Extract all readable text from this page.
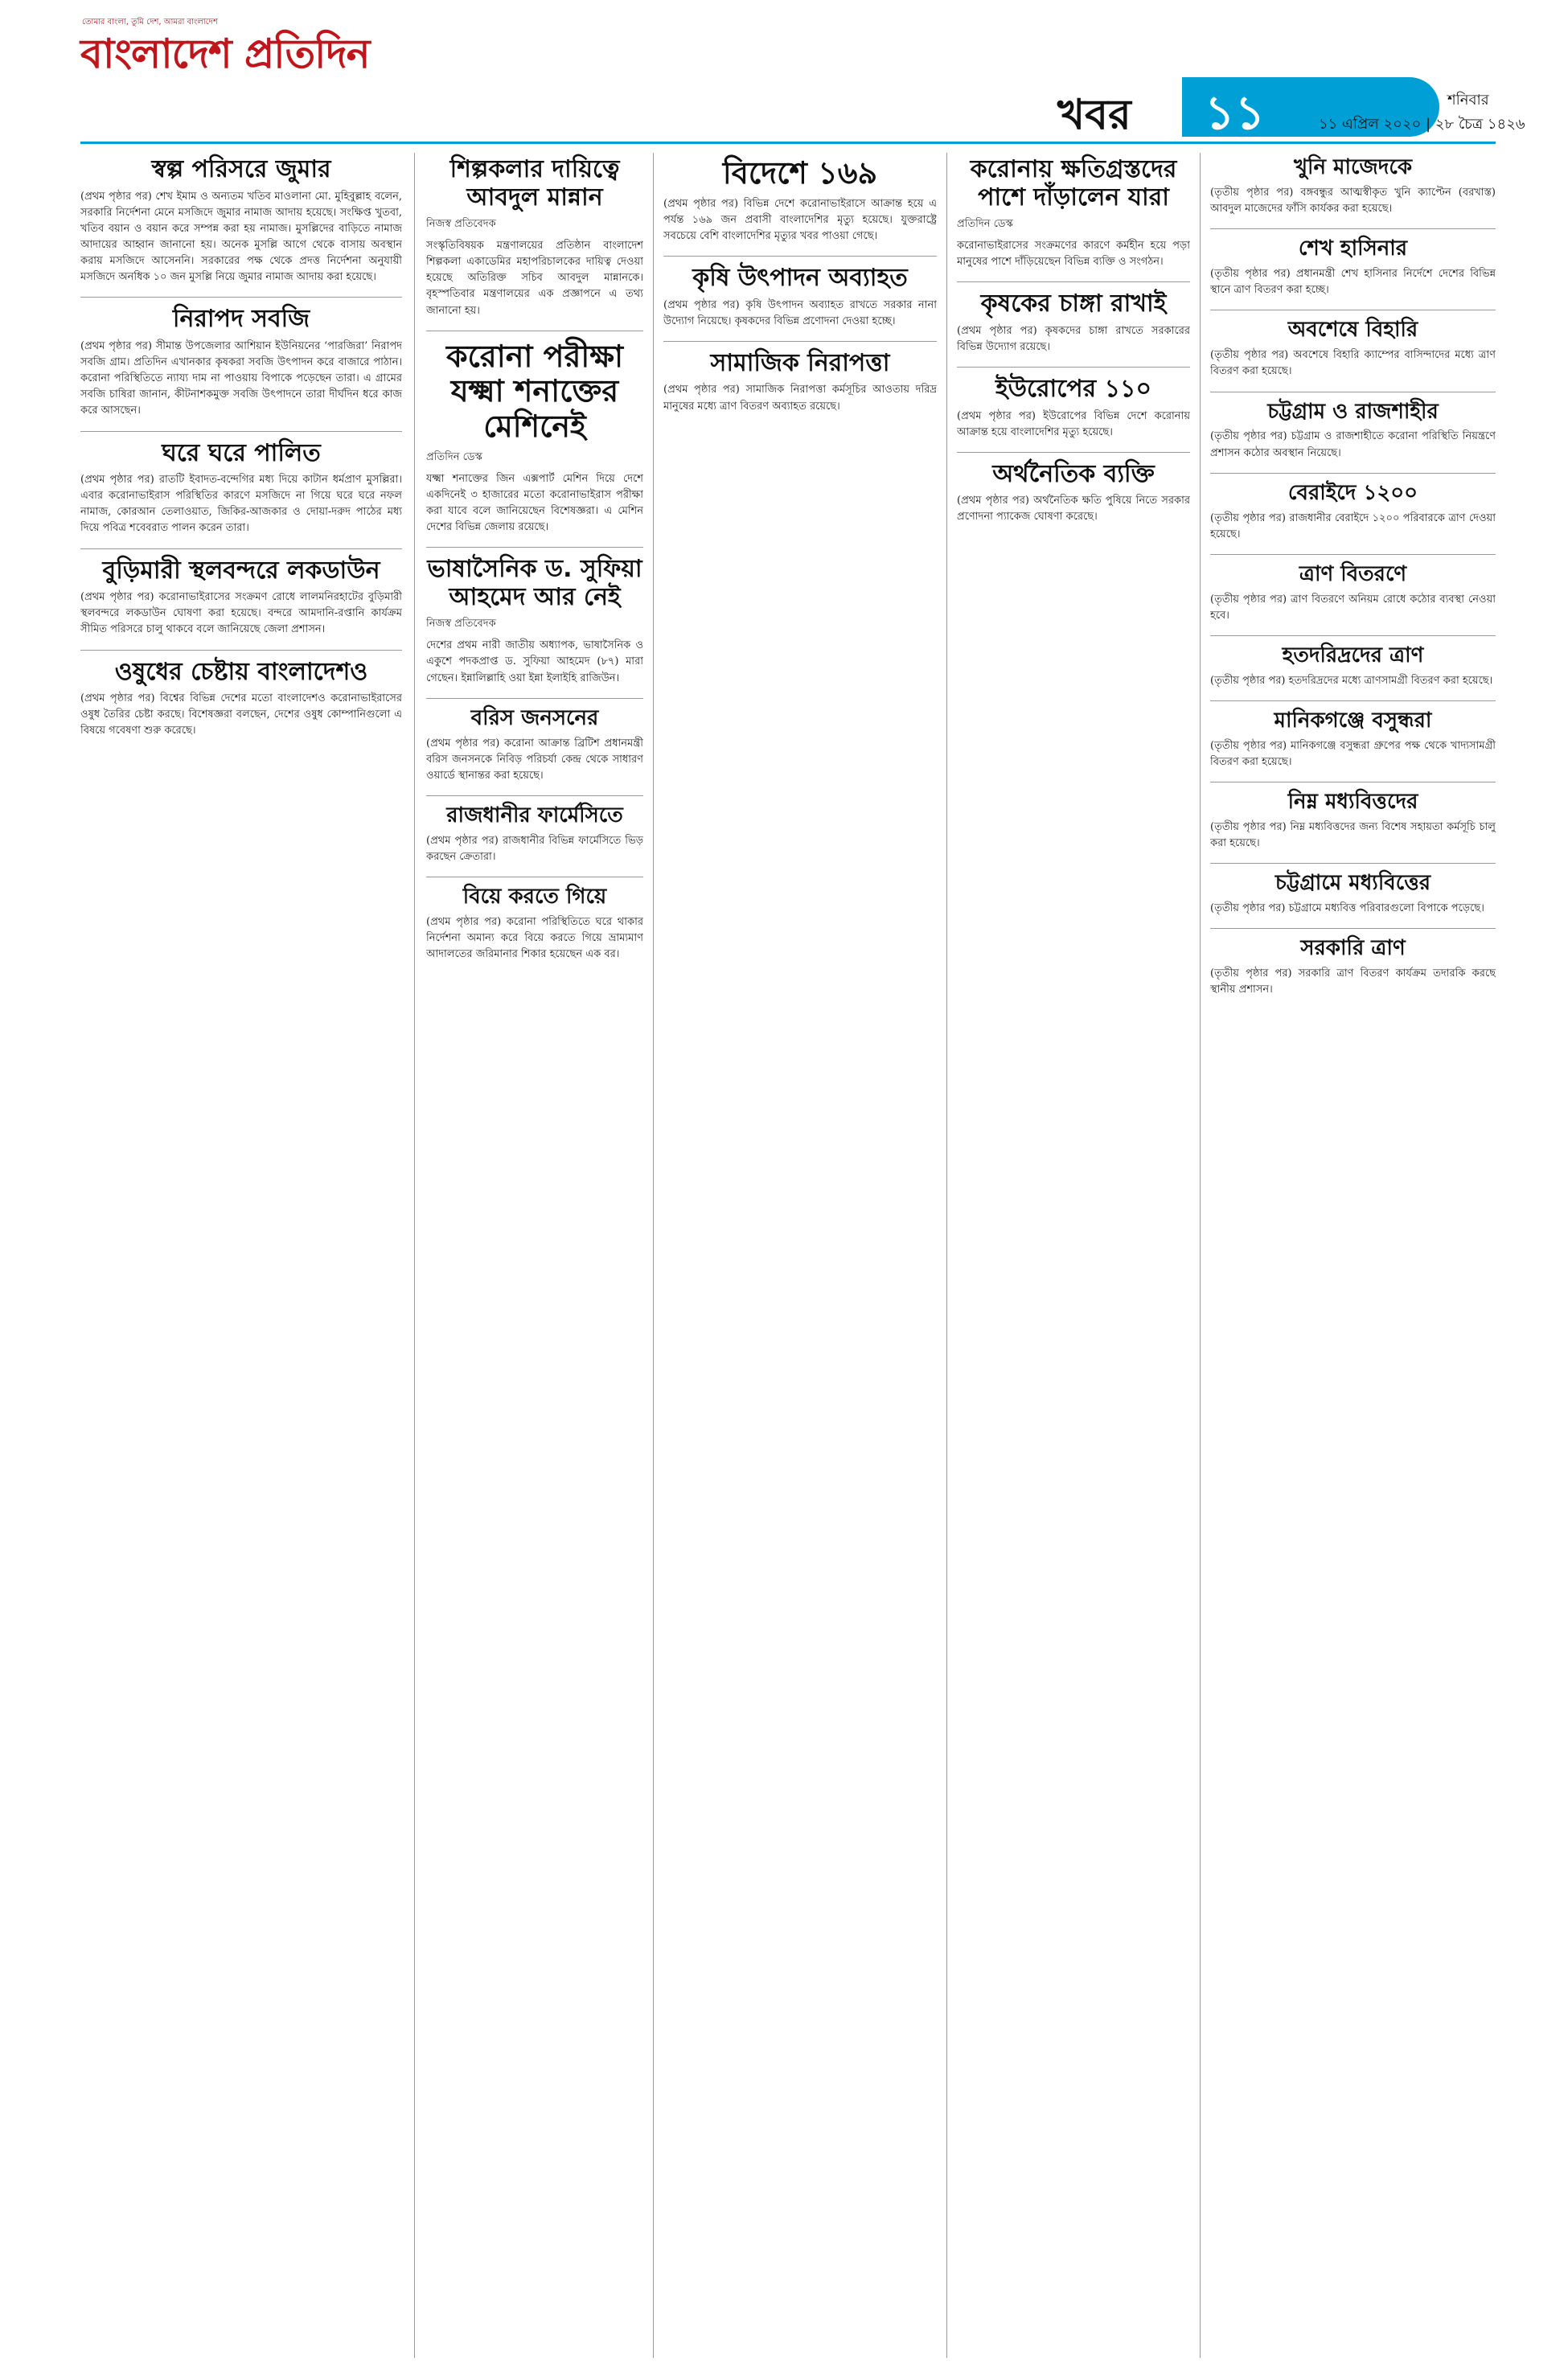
তোমার বাংলা, তুমি দেশ, আমরা বাংলাদেশ
বাংলাদেশ প্রতিদিন
খবর ১১	শনিবার
১১ এপ্রিল ২০২০ | ২৮ চৈত্র ১৪২৬
স্বল্প পরিসরে জুমার

(প্রথম পৃষ্ঠার পর) শেখ ইমাম ও অন্যতম খতিব মাওলানা মো. মুহিবুল্লাহ বলেন, সরকারি নির্দেশনা মেনে মসজিদে জুমার নামাজ আদায় হয়েছে। সংক্ষিপ্ত খুতবা, খতিব বয়ান ও বয়ান করে সম্পন্ন করা হয় নামাজ। মুসল্লিদের বাড়িতে নামাজ আদায়ের আহ্বান জানানো হয়। অনেক মুসল্লি আগে থেকে বাসায় অবস্থান করায় মসজিদে আসেননি। সরকারের পক্ষ থেকে প্রদত্ত নির্দেশনা অনুযায়ী মসজিদে অনধিক ১০ জন মুসল্লি নিয়ে জুমার নামাজ আদায় করা হয়েছে।

নিরাপদ সবজি

(প্রথম পৃষ্ঠার পর) সীমান্ত উপজেলার আশিয়ান ইউনিয়নের ‘পারজিরা’ নিরাপদ সবজি গ্রাম। প্রতিদিন এখানকার কৃষকরা সবজি উৎপাদন করে বাজারে পাঠান। করোনা পরিস্থিতিতে ন্যায্য দাম না পাওয়ায় বিপাকে পড়েছেন তারা। এ গ্রামের সবজি চাষিরা জানান, কীটনাশকমুক্ত সবজি উৎপাদনে তারা দীর্ঘদিন ধরে কাজ করে আসছেন।

ঘরে ঘরে পালিত

(প্রথম পৃষ্ঠার পর) রাতটি ইবাদত-বন্দেগির মধ্য দিয়ে কাটান ধর্মপ্রাণ মুসল্লিরা। এবার করোনাভাইরাস পরিস্থিতির কারণে মসজিদে না গিয়ে ঘরে ঘরে নফল নামাজ, কোরআন তেলাওয়াত, জিকির-আজকার ও দোয়া-দরুদ পাঠের মধ্য দিয়ে পবিত্র শবেবরাত পালন করেন তারা।

বুড়িমারী স্থলবন্দরে লকডাউন

(প্রথম পৃষ্ঠার পর) করোনাভাইরাসের সংক্রমণ রোধে লালমনিরহাটের বুড়িমারী স্থলবন্দরে লকডাউন ঘোষণা করা হয়েছে। বন্দরে আমদানি-রপ্তানি কার্যক্রম সীমিত পরিসরে চালু থাকবে বলে জানিয়েছে জেলা প্রশাসন।

ওষুধের চেষ্টায় বাংলাদেশও

(প্রথম পৃষ্ঠার পর) বিশ্বের বিভিন্ন দেশের মতো বাংলাদেশও করোনাভাইরাসের ওষুধ তৈরির চেষ্টা করছে। বিশেষজ্ঞরা বলছেন, দেশের ওষুধ কোম্পানিগুলো এ বিষয়ে গবেষণা শুরু করেছে।

শিল্পকলার দায়িত্বে আবদুল মান্নান
নিজস্ব প্রতিবেদক

সংস্কৃতিবিষয়ক মন্ত্রণালয়ের প্রতিষ্ঠান বাংলাদেশ শিল্পকলা একাডেমির মহাপরিচালকের দায়িত্ব দেওয়া হয়েছে অতিরিক্ত সচিব আবদুল মান্নানকে। বৃহস্পতিবার মন্ত্রণালয়ের এক প্রজ্ঞাপনে এ তথ্য জানানো হয়।

করোনা পরীক্ষা যক্ষ্মা শনাক্তের মেশিনেই
প্রতিদিন ডেস্ক

যক্ষ্মা শনাক্তের জিন এক্সপার্ট মেশিন দিয়ে দেশে একদিনেই ৩ হাজারের মতো করোনাভাইরাস পরীক্ষা করা যাবে বলে জানিয়েছেন বিশেষজ্ঞরা। এ মেশিন দেশের বিভিন্ন জেলায় রয়েছে।

ভাষাসৈনিক ড. সুফিয়া আহমেদ আর নেই
নিজস্ব প্রতিবেদক

দেশের প্রথম নারী জাতীয় অধ্যাপক, ভাষাসৈনিক ও একুশে পদকপ্রাপ্ত ড. সুফিয়া আহমেদ (৮৭) মারা গেছেন। ইন্নালিল্লাহি ওয়া ইন্না ইলাইহি রাজিউন।

বরিস জনসনের

(প্রথম পৃষ্ঠার পর) করোনা আক্রান্ত ব্রিটিশ প্রধানমন্ত্রী বরিস জনসনকে নিবিড় পরিচর্যা কেন্দ্র থেকে সাধারণ ওয়ার্ডে স্থানান্তর করা হয়েছে।

রাজধানীর ফার্মেসিতে

(প্রথম পৃষ্ঠার পর) রাজধানীর বিভিন্ন ফার্মেসিতে ভিড় করছেন ক্রেতারা।

বিয়ে করতে গিয়ে

(প্রথম পৃষ্ঠার পর) করোনা পরিস্থিতিতে ঘরে থাকার নির্দেশনা অমান্য করে বিয়ে করতে গিয়ে ভ্রাম্যমাণ আদালতের জরিমানার শিকার হয়েছেন এক বর।

বিদেশে ১৬৯

(প্রথম পৃষ্ঠার পর) বিভিন্ন দেশে করোনাভাইরাসে আক্রান্ত হয়ে এ পর্যন্ত ১৬৯ জন প্রবাসী বাংলাদেশির মৃত্যু হয়েছে। যুক্তরাষ্ট্রে সবচেয়ে বেশি বাংলাদেশির মৃত্যুর খবর পাওয়া গেছে।

কৃষি উৎপাদন অব্যাহত

(প্রথম পৃষ্ঠার পর) কৃষি উৎপাদন অব্যাহত রাখতে সরকার নানা উদ্যোগ নিয়েছে। কৃষকদের বিভিন্ন প্রণোদনা দেওয়া হচ্ছে।

সামাজিক নিরাপত্তা

(প্রথম পৃষ্ঠার পর) সামাজিক নিরাপত্তা কর্মসূচির আওতায় দরিদ্র মানুষের মধ্যে ত্রাণ বিতরণ অব্যাহত রয়েছে।

করোনায় ক্ষতিগ্রস্তদের পাশে দাঁড়ালেন যারা
প্রতিদিন ডেস্ক

করোনাভাইরাসের সংক্রমণের কারণে কর্মহীন হয়ে পড়া মানুষের পাশে দাঁড়িয়েছেন বিভিন্ন ব্যক্তি ও সংগঠন।

কৃষকের চাঙ্গা রাখাই

(প্রথম পৃষ্ঠার পর) কৃষকদের চাঙ্গা রাখতে সরকারের বিভিন্ন উদ্যোগ রয়েছে।

ইউরোপের ১১০

(প্রথম পৃষ্ঠার পর) ইউরোপের বিভিন্ন দেশে করোনায় আক্রান্ত হয়ে বাংলাদেশির মৃত্যু হয়েছে।

অর্থনৈতিক ব্যক্তি

(প্রথম পৃষ্ঠার পর) অর্থনৈতিক ক্ষতি পুষিয়ে নিতে সরকার প্রণোদনা প্যাকেজ ঘোষণা করেছে।

খুনি মাজেদকে

(তৃতীয় পৃষ্ঠার পর) বঙ্গবন্ধুর আত্মস্বীকৃত খুনি ক্যাপ্টেন (বরখাস্ত) আবদুল মাজেদের ফাঁসি কার্যকর করা হয়েছে।

শেখ হাসিনার

(তৃতীয় পৃষ্ঠার পর) প্রধানমন্ত্রী শেখ হাসিনার নির্দেশে দেশের বিভিন্ন স্থানে ত্রাণ বিতরণ করা হচ্ছে।

অবশেষে বিহারি

(তৃতীয় পৃষ্ঠার পর) অবশেষে বিহারি ক্যাম্পের বাসিন্দাদের মধ্যে ত্রাণ বিতরণ করা হয়েছে।

চট্টগ্রাম ও রাজশাহীর

(তৃতীয় পৃষ্ঠার পর) চট্টগ্রাম ও রাজশাহীতে করোনা পরিস্থিতি নিয়ন্ত্রণে প্রশাসন কঠোর অবস্থান নিয়েছে।

বেরাইদে ১২০০

(তৃতীয় পৃষ্ঠার পর) রাজধানীর বেরাইদে ১২০০ পরিবারকে ত্রাণ দেওয়া হয়েছে।

ত্রাণ বিতরণে

(তৃতীয় পৃষ্ঠার পর) ত্রাণ বিতরণে অনিয়ম রোধে কঠোর ব্যবস্থা নেওয়া হবে।

হতদরিদ্রদের ত্রাণ

(তৃতীয় পৃষ্ঠার পর) হতদরিদ্রদের মধ্যে ত্রাণসামগ্রী বিতরণ করা হয়েছে।

মানিকগঞ্জে বসুন্ধরা

(তৃতীয় পৃষ্ঠার পর) মানিকগঞ্জে বসুন্ধরা গ্রুপের পক্ষ থেকে খাদ্যসামগ্রী বিতরণ করা হয়েছে।

নিম্ন মধ্যবিত্তদের

(তৃতীয় পৃষ্ঠার পর) নিম্ন মধ্যবিত্তদের জন্য বিশেষ সহায়তা কর্মসূচি চালু করা হয়েছে।

চট্টগ্রামে মধ্যবিত্তের

(তৃতীয় পৃষ্ঠার পর) চট্টগ্রামে মধ্যবিত্ত পরিবারগুলো বিপাকে পড়েছে।

সরকারি ত্রাণ

(তৃতীয় পৃষ্ঠার পর) সরকারি ত্রাণ বিতরণ কার্যক্রম তদারকি করছে স্থানীয় প্রশাসন।
